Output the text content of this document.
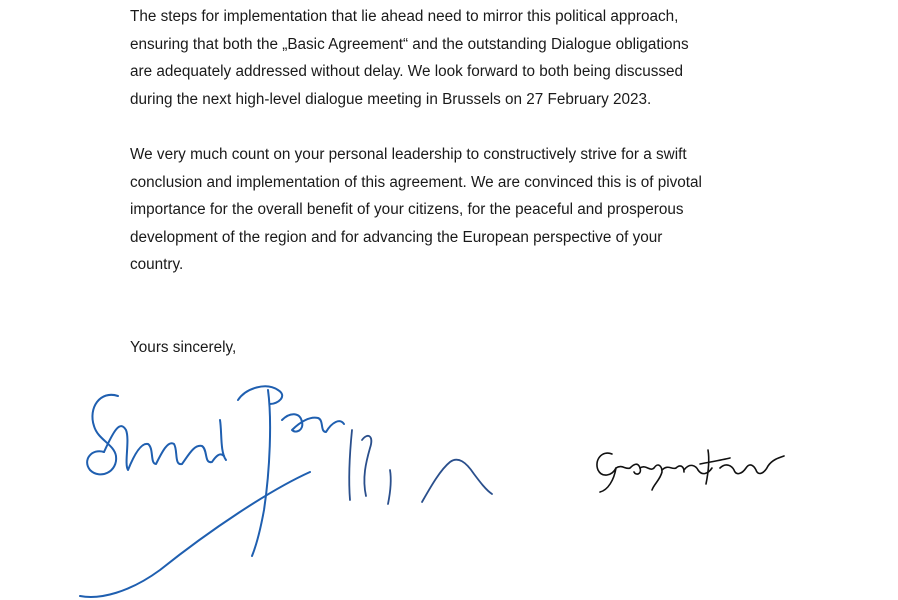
The steps for implementation that lie ahead need to mirror this political approach,
ensuring that both the „Basic Agreement“ and the outstanding Dialogue obligations
are adequately addressed without delay. We look forward to both being discussed
during the next high-level dialogue meeting in Brussels on 27 February 2023.

We very much count on your personal leadership to constructively strive for a swift
conclusion and implementation of this agreement. We are convinced this is of pivotal
importance for the overall benefit of your citizens, for the peaceful and prosperous
development of the region and for advancing the European perspective of your
country.

Yours sincerely,
